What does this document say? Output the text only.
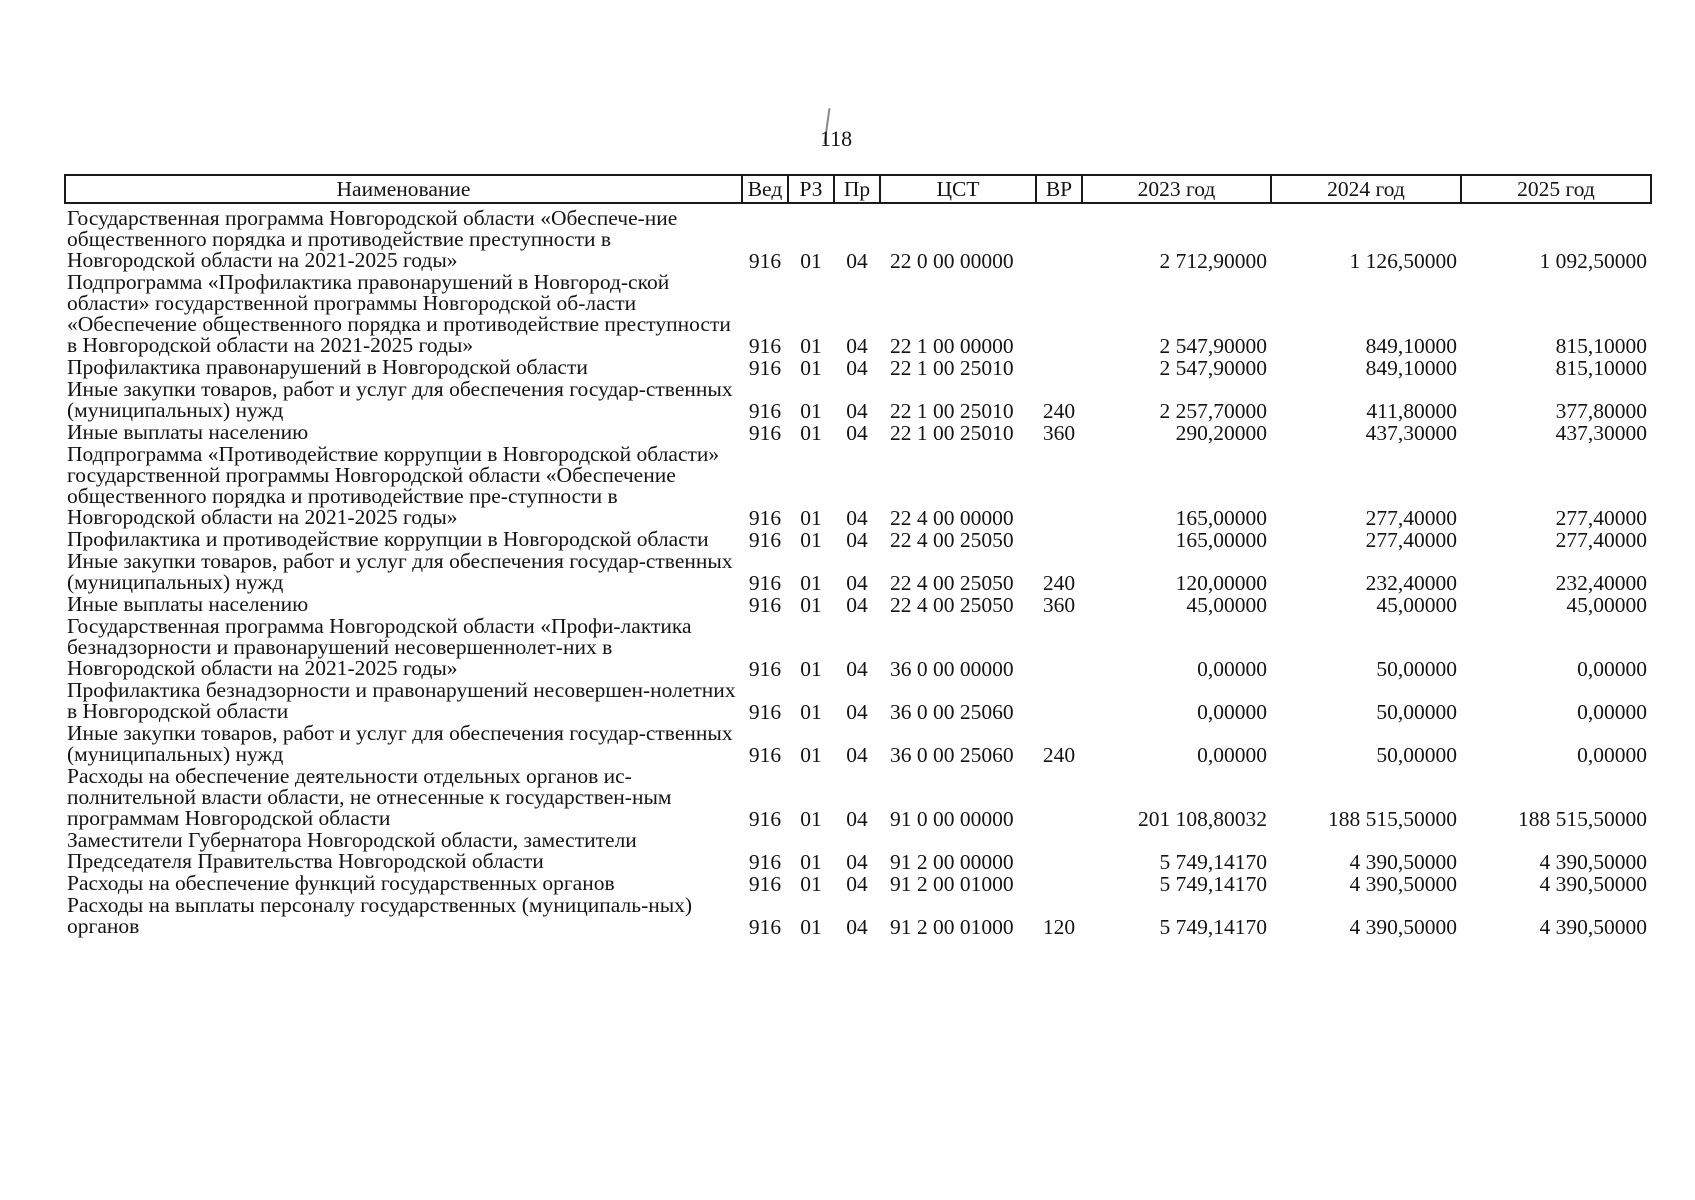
118
Наименование	Вед	РЗ	Пр	ЦСТ	ВР	2023 год	2024 год	2025 год
Государственная программа Новгородской области «Обеспече-ние общественного порядка и противодействие преступности в Новгородской области на 2021-2025 годы»	916	01	04	22 0 00 00000		2 712,90000	1 126,50000	1 092,50000
Подпрограмма «Профилактика правонарушений в Новгород-ской области» государственной программы Новгородской об-ласти «Обеспечение общественного порядка и противодействие преступности в Новгородской области на 2021-2025 годы»	916	01	04	22 1 00 00000		2 547,90000	849,10000	815,10000
Профилактика правонарушений в Новгородской области	916	01	04	22 1 00 25010		2 547,90000	849,10000	815,10000
Иные закупки товаров, работ и услуг для обеспечения государ-ственных (муниципальных) нужд	916	01	04	22 1 00 25010	240	2 257,70000	411,80000	377,80000
Иные выплаты населению	916	01	04	22 1 00 25010	360	290,20000	437,30000	437,30000
Подпрограмма «Противодействие коррупции в Новгородской области» государственной программы Новгородской области «Обеспечение общественного порядка и противодействие пре-ступности в Новгородской области на 2021-2025 годы»	916	01	04	22 4 00 00000		165,00000	277,40000	277,40000
Профилактика и противодействие коррупции в Новгородской области	916	01	04	22 4 00 25050		165,00000	277,40000	277,40000
Иные закупки товаров, работ и услуг для обеспечения государ-ственных (муниципальных) нужд	916	01	04	22 4 00 25050	240	120,00000	232,40000	232,40000
Иные выплаты населению	916	01	04	22 4 00 25050	360	45,00000	45,00000	45,00000
Государственная программа Новгородской области «Профи-лактика безнадзорности и правонарушений несовершеннолет-них в Новгородской области на 2021-2025 годы»	916	01	04	36 0 00 00000		0,00000	50,00000	0,00000
Профилактика безнадзорности и правонарушений несовершен-нолетних в Новгородской области	916	01	04	36 0 00 25060		0,00000	50,00000	0,00000
Иные закупки товаров, работ и услуг для обеспечения государ-ственных (муниципальных) нужд	916	01	04	36 0 00 25060	240	0,00000	50,00000	0,00000
Расходы на обеспечение деятельности отдельных органов ис-полнительной власти области, не отнесенные к государствен-ным программам Новгородской области	916	01	04	91 0 00 00000		201 108,80032	188 515,50000	188 515,50000
Заместители Губернатора Новгородской области, заместители Председателя Правительства Новгородской области	916	01	04	91 2 00 00000		5 749,14170	4 390,50000	4 390,50000
Расходы на обеспечение функций государственных органов	916	01	04	91 2 00 01000		5 749,14170	4 390,50000	4 390,50000
Расходы на выплаты персоналу государственных (муниципаль-ных) органов	916	01	04	91 2 00 01000	120	5 749,14170	4 390,50000	4 390,50000
